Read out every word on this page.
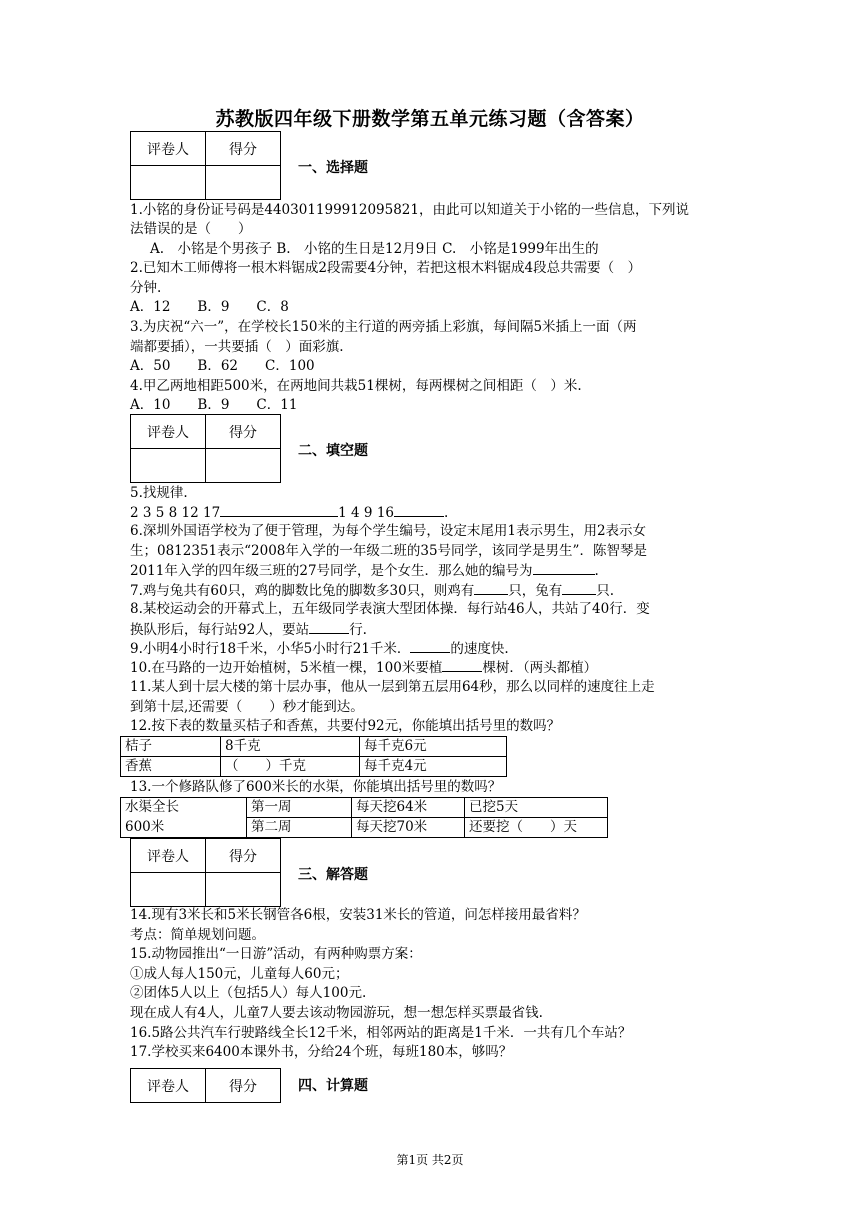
苏教版四年级下册数学第五单元练习题（含答案）
评卷人	得分

一、选择题
1.小铭的身份证号码是440301199912095821，由此可以知道关于小铭的一些信息，下列说
法错误的是（　　）
A.　小铭是个男孩子 B.　小铭的生日是12月9日 C.　小铭是1999年出生的
2.已知木工师傅将一根木料锯成2段需要4分钟，若把这根木料锯成4段总共需要（　）
分钟.
A．12　　B．9　　C．8
3.为庆祝“六一”，在学校长150米的主行道的两旁插上彩旗，每间隔5米插上一面（两
端都要插），一共要插（　）面彩旗.
A．50　　B．62　　C．100
4.甲乙两地相距500米，在两地间共栽51棵树，每两棵树之间相距（　）米.
A．10　　B．9　　C．11
评卷人	得分

二、填空题
5.找规律.
2 3 5 8 12 17	1 4 9 16	.
6.深圳外国语学校为了便于管理，为每个学生编号，设定末尾用1表示男生，用2表示女
生；0812351表示“2008年入学的一年级二班的35号同学，该同学是男生”．陈智琴是
2011年入学的四年级三班的27号同学，是个女生．那么她的编号为	.
7.鸡与兔共有60只，鸡的脚数比兔的脚数多30只，则鸡有	只，兔有	只.
8.某校运动会的开幕式上，五年级同学表演大型团体操．每行站46人，共站了40行．变
换队形后，每行站92人，要站	行.
9.小明4小时行18千米，小华5小时行21千米．	的速度快.
10.在马路的一边开始植树，5米植一棵，100米要植	棵树．（两头都植）
11.某人到十层大楼的第十层办事，他从一层到第五层用64秒，那么以同样的速度往上走
到第十层,还需要（　　）秒才能到达。
12.按下表的数量买桔子和香蕉，共要付92元，你能填出括号里的数吗？
桔子	8千克	每千克6元
香蕉	（　　）千克	每千克4元
13.一个修路队修了600米长的水渠，你能填出括号里的数吗？
水渠全长	第一周	每天挖64米	已挖5天
600米	第二周	每天挖70米	还要挖（　　）天
评卷人	得分

三、解答题
14.现有3米长和5米长钢管各6根，安装31米长的管道，问怎样接用最省料？
考点：简单规划问题。
15.动物园推出“一日游”活动，有两种购票方案：
①成人每人150元，儿童每人60元；
②团体5人以上（包括5人）每人100元.
现在成人有4人，儿童7人要去该动物园游玩，想一想怎样买票最省钱.
16.5路公共汽车行驶路线全长12千米，相邻两站的距离是1千米．一共有几个车站？
17.学校买来6400本课外书，分给24个班，每班180本，够吗？
评卷人	得分	四、计算题
第1页 共2页
